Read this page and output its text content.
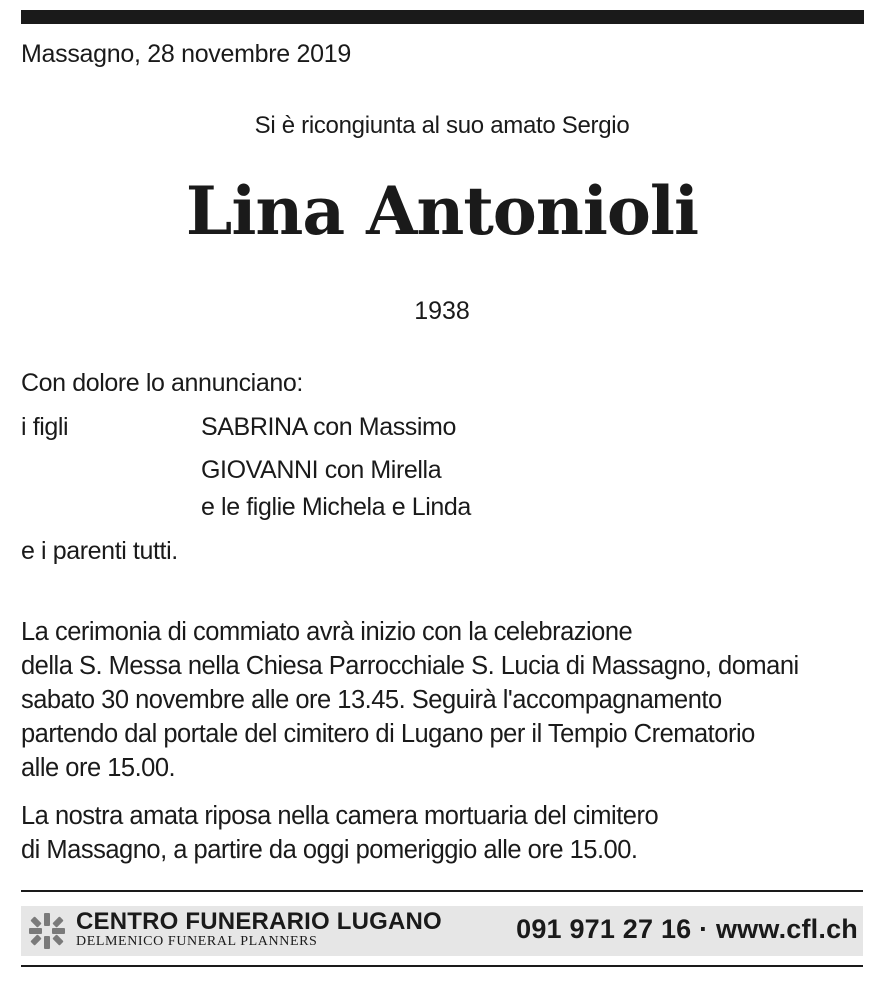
Massagno, 28 novembre 2019
Si è ricongiunta al suo amato Sergio
Lina Antonioli
1938
Con dolore lo annunciano:
i figli	SABRINA con Massimo
GIOVANNI con Mirella
e le figlie Michela e Linda
e i parenti tutti.
La cerimonia di commiato avrà inizio con la celebrazione
della S. Messa nella Chiesa Parrocchiale S. Lucia di Massagno, domani
sabato 30 novembre alle ore 13.45. Seguirà l'accompagnamento
partendo dal portale del cimitero di Lugano per il Tempio Crematorio
alle ore 15.00.
La nostra amata riposa nella camera mortuaria del cimitero
di Massagno, a partire da oggi pomeriggio alle ore 15.00.
CENTRO FUNERARIO LUGANO
DELMENICO FUNERAL PLANNERS	091 971 27 16 · www.cfl.ch
